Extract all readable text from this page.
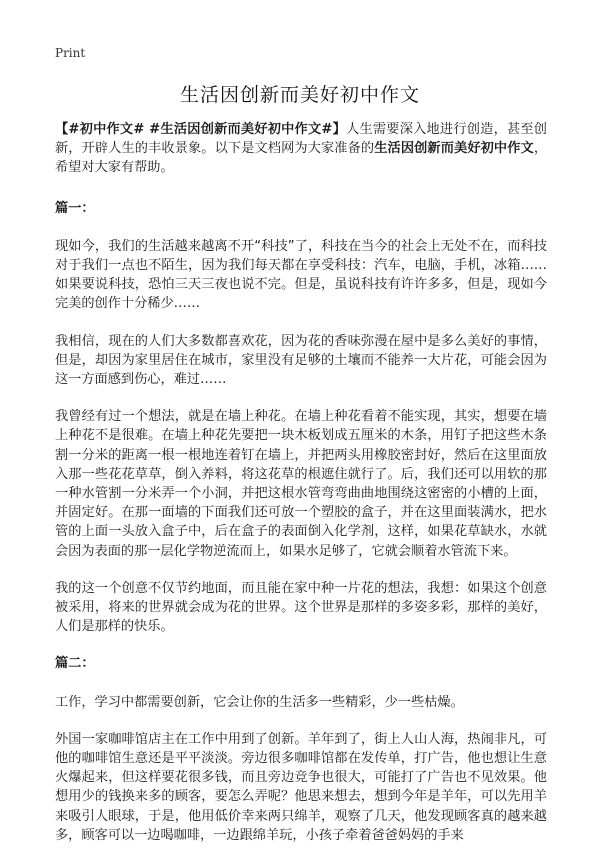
Print
生活因创新而美好初中作文

【#初中作文# #生活因创新而美好初中作文#】人生需要深入地进行创造，甚至创新，开辟人生的丰收景象。以下是文档网为大家准备的生活因创新而美好初中作文，希望对大家有帮助。

篇一：

现如今，我们的生活越来越离不开“科技”了，科技在当今的社会上无处不在，而科技对于我们一点也不陌生，因为我们每天都在享受科技：汽车，电脑，手机，冰箱……如果要说科技，恐怕三天三夜也说不完。但是，虽说科技有许许多多，但是，现如今完美的创作十分稀少……

我相信，现在的人们大多数都喜欢花，因为花的香味弥漫在屋中是多么美好的事情，但是，却因为家里居住在城市，家里没有足够的土壤而不能养一大片花，可能会因为这一方面感到伤心，难过……

我曾经有过一个想法，就是在墙上种花。在墙上种花看着不能实现，其实，想要在墙上种花不是很难。在墙上种花先要把一块木板划成五厘米的木条，用钉子把这些木条割一分米的距离一根一根地连着钉在墙上，并把两头用橡胶密封好，然后在这里面放入那一些花花草草，倒入养料，将这花草的根遮住就行了。后，我们还可以用软的那一种水管割一分米弄一个小洞，并把这根水管弯弯曲曲地围绕这密密的小槽的上面，并固定好。在那一面墙的下面我们还可放一个塑胶的盒子，并在这里面装满水，把水管的上面一头放入盒子中，后在盒子的表面倒入化学剂，这样，如果花草缺水，水就会因为表面的那一层化学物逆流而上，如果水足够了，它就会顺着水管流下来。

我的这一个创意不仅节约地面，而且能在家中种一片花的想法，我想：如果这个创意被采用，将来的世界就会成为花的世界。这个世界是那样的多姿多彩，那样的美好，人们是那样的快乐。

篇二：

工作，学习中都需要创新，它会让你的生活多一些精彩，少一些枯燥。

外国一家咖啡馆店主在工作中用到了创新。羊年到了，街上人山人海，热闹非凡，可他的咖啡馆生意还是平平淡淡。旁边很多咖啡馆都在发传单，打广告，他也想让生意火爆起来，但这样要花很多钱，而且旁边竞争也很大，可能打了广告也不见效果。他想用少的钱换来多的顾客，要怎么弄呢？他思来想去，想到今年是羊年，可以先用羊来吸引人眼球，于是，他用低价幸来两只绵羊，观察了几天，他发现顾客真的越来越多，顾客可以一边喝咖啡，一边跟绵羊玩，小孩子牵着爸爸妈妈的手来
